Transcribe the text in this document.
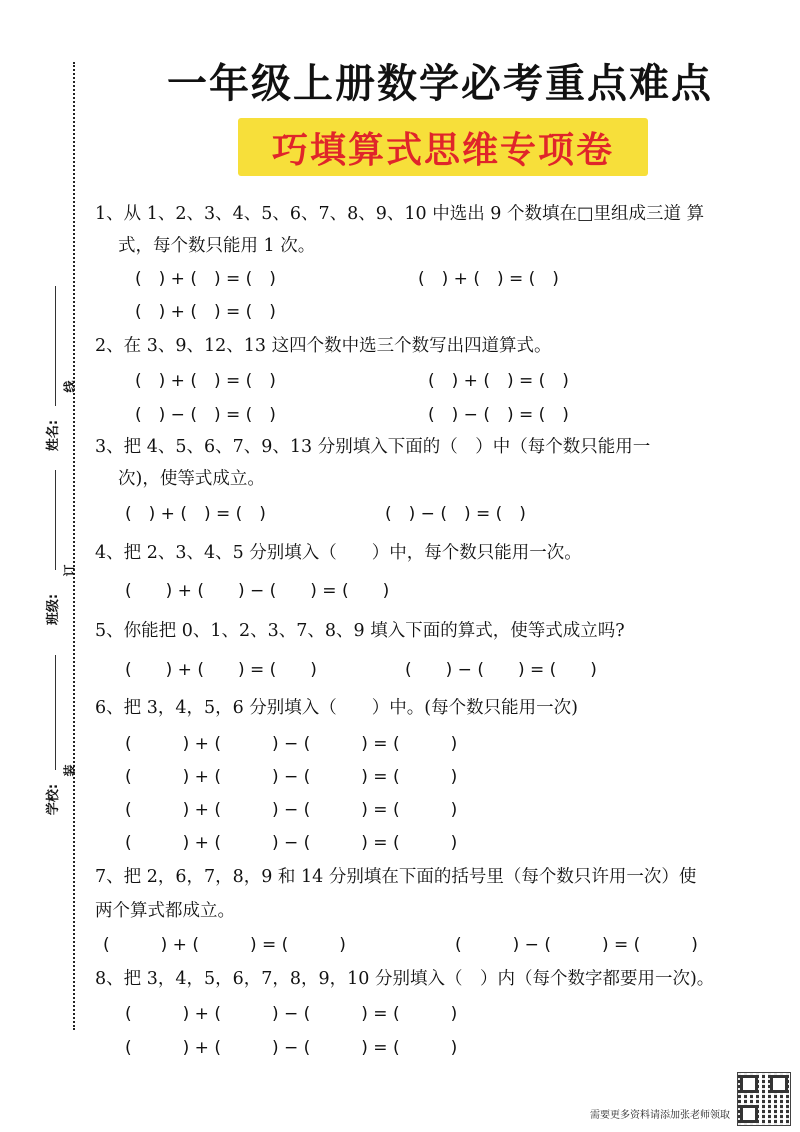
姓名:
班级:
学校:
线
订
装
一年级上册数学必考重点难点
巧填算式思维专项卷
1、从 1、2、3、4、5、6、7、8、9、10 中选出 9 个数填在□里组成三道 算
式，每个数只能用 1 次。
(　) + (　) = (　)	(　) + (　) = (　)
(　) + (　) = (　)
2、在 3、9、12、13 这四个数中选三个数写出四道算式。
(　) + (　) = (　)	(　) + (　) = (　)
(　) − (　) = (　)	(　) − (　) = (　)
3、把 4、5、6、7、9、13 分别填入下面的（　）中（每个数只能用一
次)，使等式成立。
(　) + (　) = (　)	(　) − (　) = (　)
4、把 2、3、4、5 分别填入（　　）中，每个数只能用一次。
(　　) + (　　) − (　　) = (　　)
5、你能把 0、1、2、3、7、8、9 填入下面的算式，使等式成立吗?
(　　) + (　　) = (　　)	(　　) − (　　) = (　　)
6、把 3，4，5，6 分别填入（　　）中。(每个数只能用一次)
(　　　) + (　　　) − (　　　) = (　　　)
(　　　) + (　　　) − (　　　) = (　　　)
(　　　) + (　　　) − (　　　) = (　　　)
(　　　) + (　　　) − (　　　) = (　　　)
7、把 2，6，7，8，9 和 14 分别填在下面的括号里（每个数只许用一次）使
两个算式都成立。
(　　　) + (　　　) = (　　　)	(　　　) − (　　　) = (　　　)
8、把 3，4，5，6，7，8，9，10 分别填入（　）内（每个数字都要用一次)。
(　　　) + (　　　) − (　　　) = (　　　)
(　　　) + (　　　) − (　　　) = (　　　)
需要更多资料请添加张老师领取
